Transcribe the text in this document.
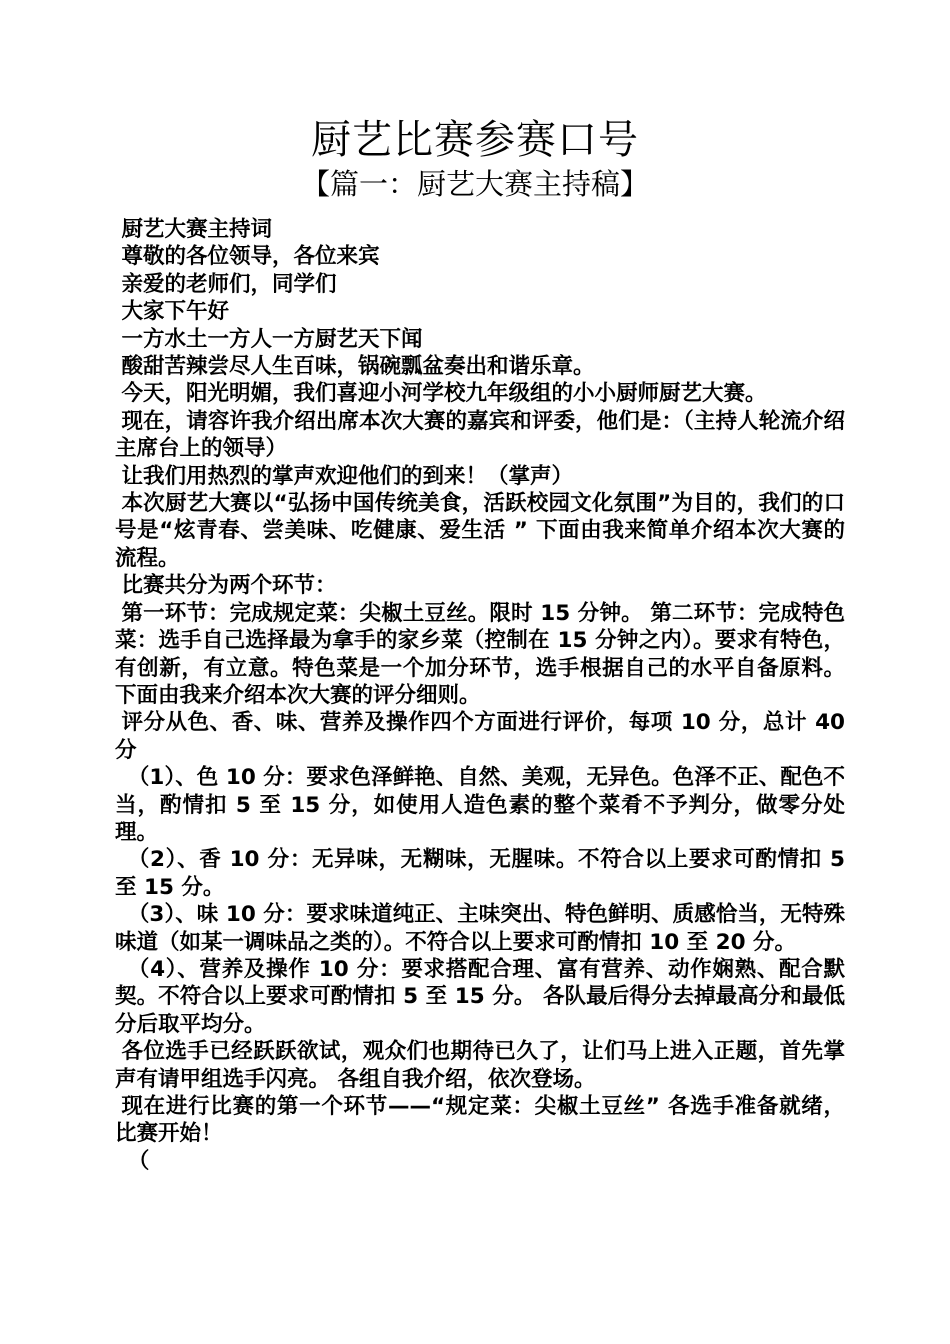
厨艺比赛参赛口号
【篇一：厨艺大赛主持稿】

厨艺大赛主持词

尊敬的各位领导，各位来宾

亲爱的老师们，同学们

大家下午好

一方水土一方人一方厨艺天下闻

酸甜苦辣尝尽人生百味，锅碗瓢盆奏出和谐乐章。

今天，阳光明媚，我们喜迎小河学校九年级组的小小厨师厨艺大赛。

现在，请容许我介绍出席本次大赛的嘉宾和评委，他们是：（主持人轮流介绍主席台上的领导）

让我们用热烈的掌声欢迎他们的到来！（掌声）

本次厨艺大赛以“弘扬中国传统美食，活跃校园文化氛围”为目的，我们的口号是“炫青春、尝美味、吃健康、爱生活 ” 下面由我来简单介绍本次大赛的流程。

比赛共分为两个环节：

第一环节：完成规定菜：尖椒土豆丝。限时 15 分钟。 第二环节：完成特色菜：选手自己选择最为拿手的家乡菜（控制在 15 分钟之内）。要求有特色，有创新，有立意。特色菜是一个加分环节，选手根据自己的水平自备原料。 下面由我来介绍本次大赛的评分细则。

评分从色、香、味、营养及操作四个方面进行评价，每项 10 分，总计 40 分

（1）、色 10 分：要求色泽鲜艳、自然、美观，无异色。色泽不正、配色不当，酌情扣 5 至 15 分，如使用人造色素的整个菜肴不予判分，做零分处理。

（2）、香 10 分：无异味，无糊味，无腥味。不符合以上要求可酌情扣 5 至 15 分。

（3）、味 10 分：要求味道纯正、主味突出、特色鲜明、质感恰当，无特殊味道（如某一调味品之类的）。不符合以上要求可酌情扣 10 至 20 分。

（4）、营养及操作 10 分：要求搭配合理、富有营养、动作娴熟、配合默契。不符合以上要求可酌情扣 5 至 15 分。 各队最后得分去掉最高分和最低分后取平均分。

各位选手已经跃跃欲试，观众们也期待已久了，让们马上进入正题，首先掌声有请甲组选手闪亮。 各组自我介绍，依次登场。

现在进行比赛的第一个环节——“规定菜：尖椒土豆丝” 各选手准备就绪，比赛开始！

（
